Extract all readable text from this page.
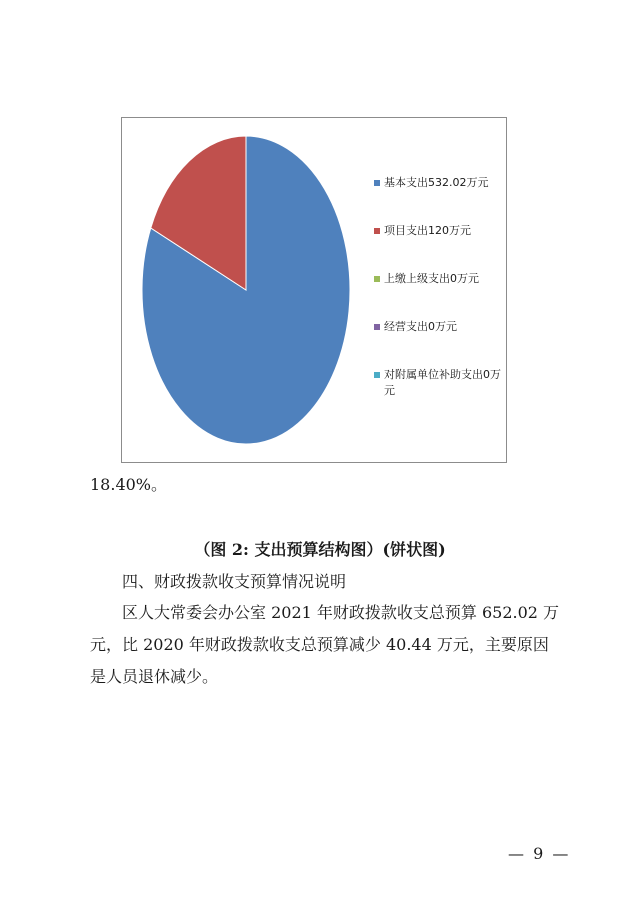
基本支出532.02万元
项目支出120万元
上缴上级支出0万元
经营支出0万元
对附属单位补助支出0万元
18.40%。
（图 2: 支出预算结构图）(饼状图)
四、财政拨款收支预算情况说明
区人大常委会办公室 2021 年财政拨款收支总预算 652.02 万
元，比 2020 年财政拨款收支总预算减少 40.44 万元，主要原因
是人员退休减少。
— 9 —
